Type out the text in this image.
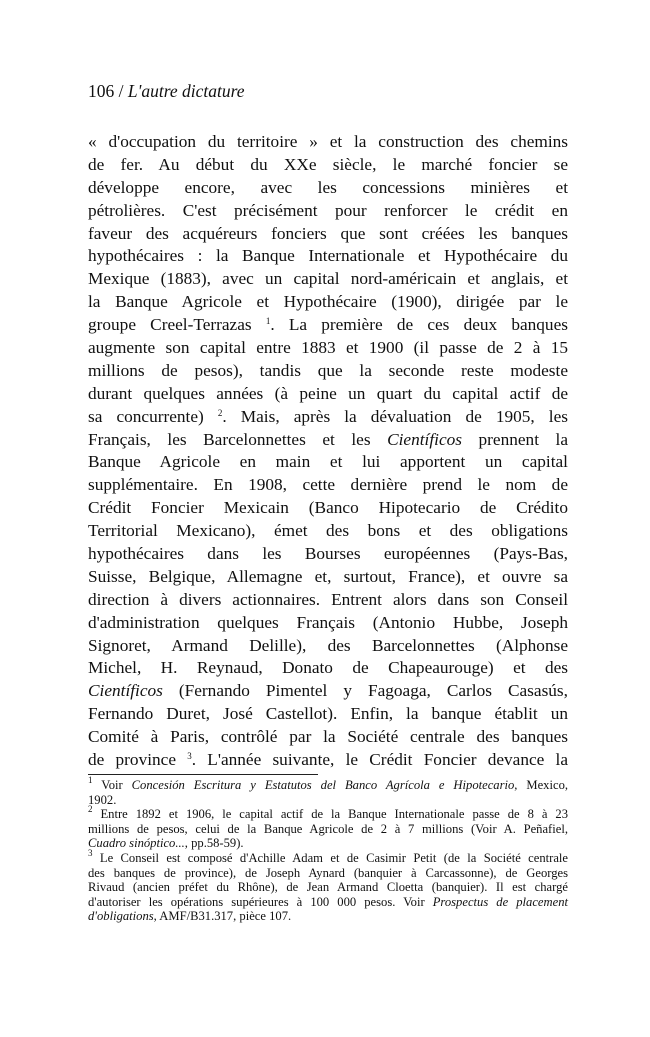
106 / L'autre dictature
« d'occupation du territoire » et la construction des chemins
de fer. Au début du XXe siècle, le marché foncier se
développe encore, avec les concessions minières et
pétrolières. C'est précisément pour renforcer le crédit en
faveur des acquéreurs fonciers que sont créées les banques
hypothécaires : la Banque Internationale et Hypothécaire du
Mexique (1883), avec un capital nord-américain et anglais, et
la Banque Agricole et Hypothécaire (1900), dirigée par le
groupe Creel-Terrazas $^1$. La première de ces deux banques
augmente son capital entre 1883 et 1900 (il passe de 2 à 15
millions de pesos), tandis que la seconde reste modeste
durant quelques années (à peine un quart du capital actif de
sa concurrente) $^2$. Mais, après la dévaluation de 1905, les
Français, les Barcelonnettes et les Científicos prennent la
Banque Agricole en main et lui apportent un capital
supplémentaire. En 1908, cette dernière prend le nom de
Crédit Foncier Mexicain (Banco Hipotecario de Crédito
Territorial Mexicano), émet des bons et des obligations
hypothécaires dans les Bourses européennes (Pays-Bas,
Suisse, Belgique, Allemagne et, surtout, France), et ouvre sa
direction à divers actionnaires. Entrent alors dans son Conseil
d'administration quelques Français (Antonio Hubbe, Joseph
Signoret, Armand Delille), des Barcelonnettes (Alphonse
Michel, H. Reynaud, Donato de Chapeaurouge) et des
Científicos (Fernando Pimentel y Fagoaga, Carlos Casasús,
Fernando Duret, José Castellot). Enfin, la banque établit un
Comité à Paris, contrôlé par la Société centrale des banques
de province $^3$. L'année suivante, le Crédit Foncier devance la
$^1$ Voir Concesión Escritura y Estatutos del Banco Agrícola e Hipotecario, Mexico,
1902.
$^2$ Entre 1892 et 1906, le capital actif de la Banque Internationale passe de 8 à 23
millions de pesos, celui de la Banque Agricole de 2 à 7 millions (Voir A. Peñafiel,
Cuadro sinóptico..., pp.58-59).
$^3$ Le Conseil est composé d'Achille Adam et de Casimir Petit (de la Société centrale
des banques de province), de Joseph Aynard (banquier à Carcassonne), de Georges
Rivaud (ancien préfet du Rhône), de Jean Armand Cloetta (banquier). Il est chargé
d'autoriser les opérations supérieures à 100 000 pesos. Voir Prospectus de placement
d'obligations, AMF/B31.317, pièce 107.
